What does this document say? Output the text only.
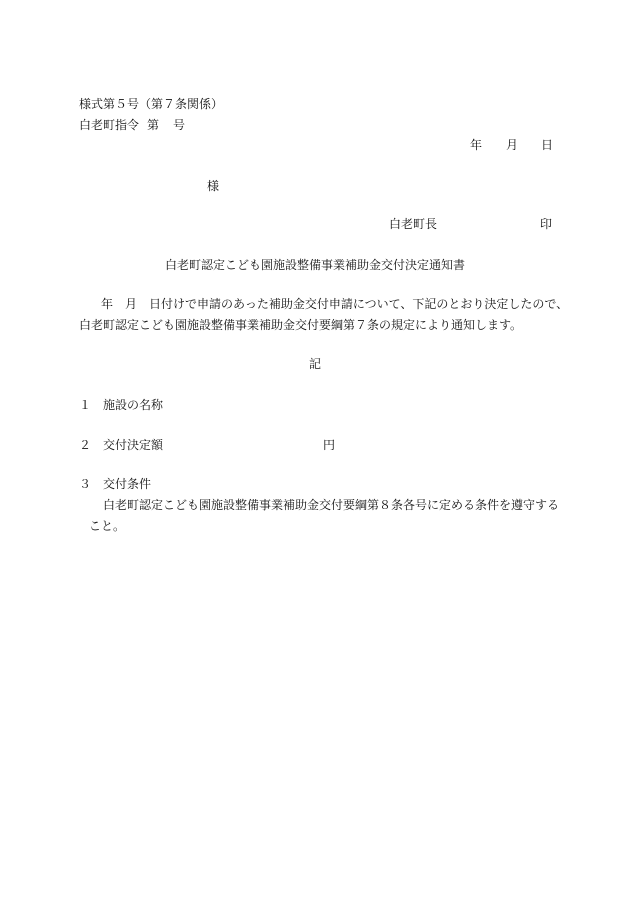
様式第５号（第７条関係）
白老町指令 第 号
年 月 日
様
白老町長	印
白老町認定こども園施設整備事業補助金交付決定通知書
年　月　日付けで申請のあった補助金交付申請について、下記のとおり決定したので、
白老町認定こども園施設整備事業補助金交付要綱第７条の規定により通知します。
記
１ 施設の名称
２ 交付決定額	円
３ 交付条件
白老町認定こども園施設整備事業補助金交付要綱第８条各号に定める条件を遵守する
こと。
